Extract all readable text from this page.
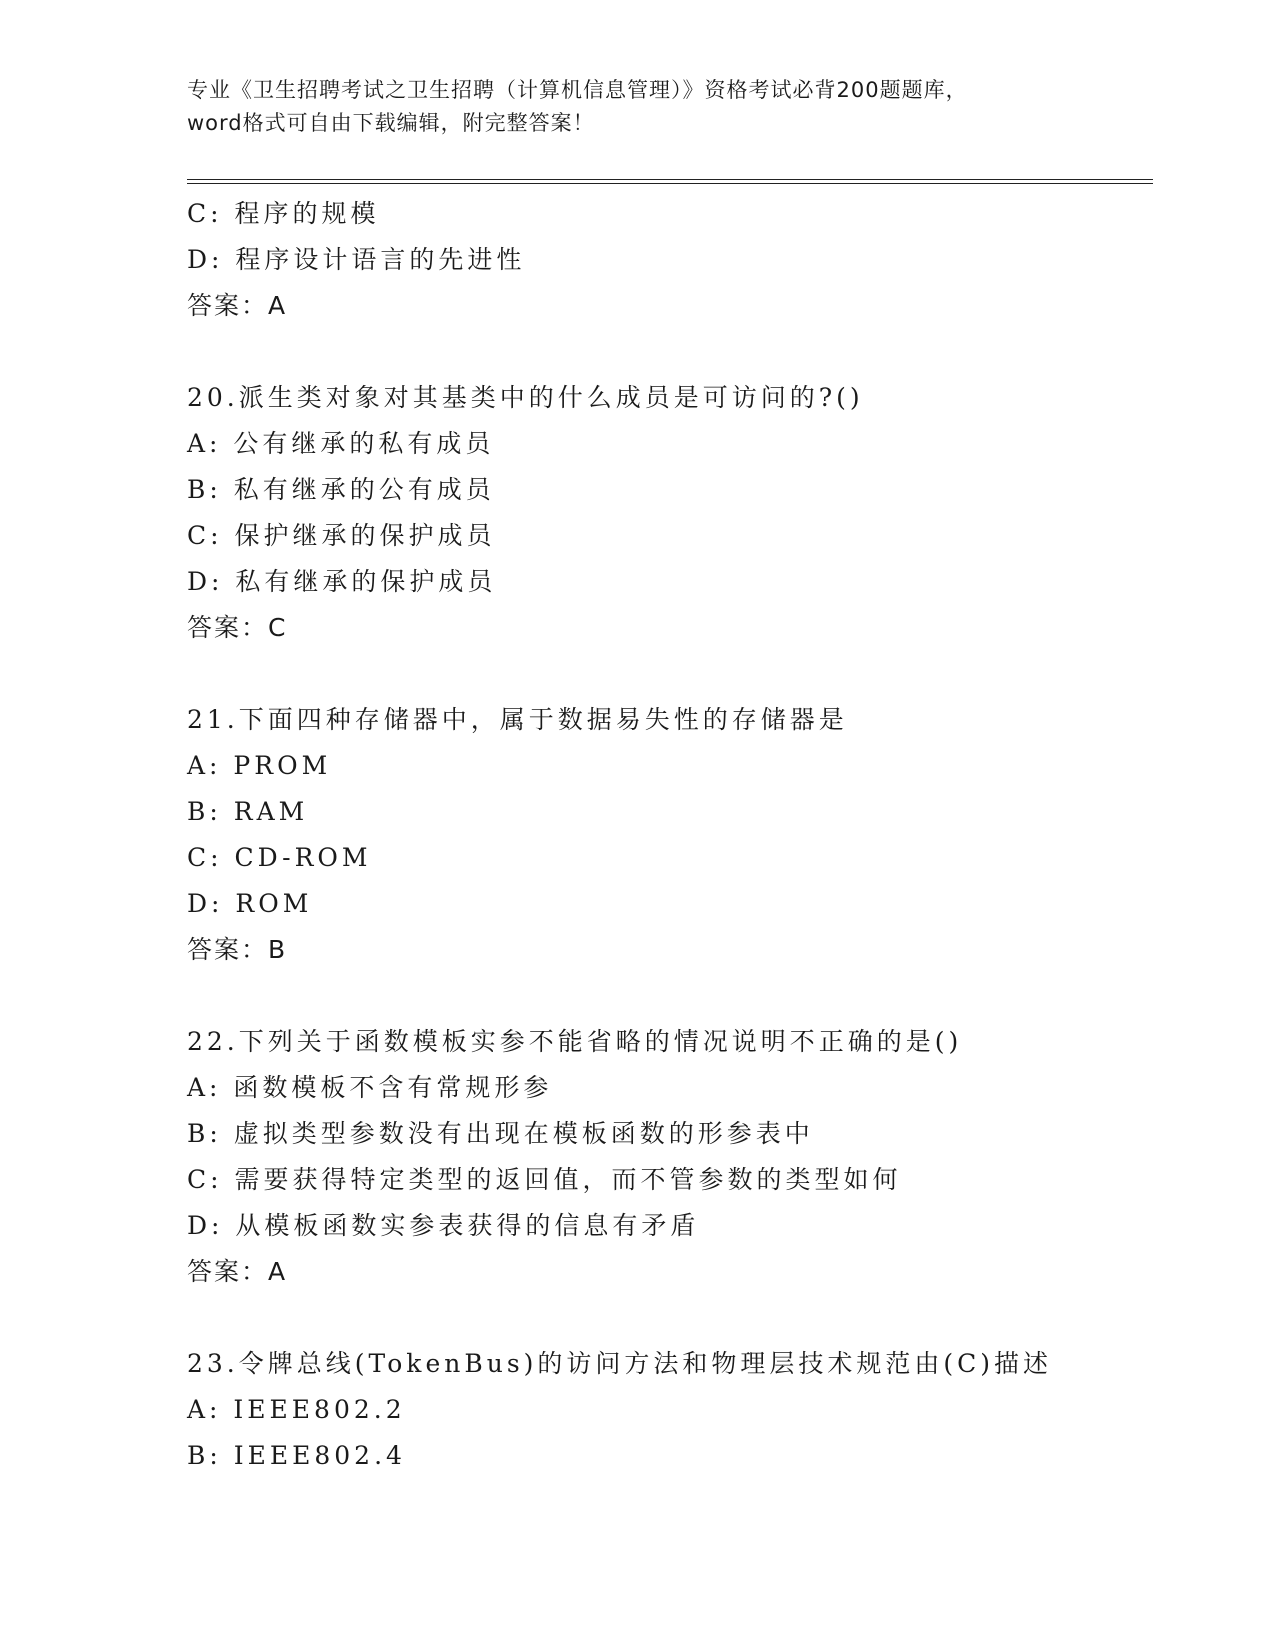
专业《卫生招聘考试之卫生招聘（计算机信息管理）》资格考试必背200题题库，
word格式可自由下载编辑，附完整答案！
C: 程序的规模
D: 程序设计语言的先进性
答案：A
20.派生类对象对其基类中的什么成员是可访问的?()
A: 公有继承的私有成员
B: 私有继承的公有成员
C: 保护继承的保护成员
D: 私有继承的保护成员
答案：C
21.下面四种存储器中，属于数据易失性的存储器是
A: PROM
B: RAM
C: CD-ROM
D: ROM
答案：B
22.下列关于函数模板实参不能省略的情况说明不正确的是()
A: 函数模板不含有常规形参
B: 虚拟类型参数没有出现在模板函数的形参表中
C: 需要获得特定类型的返回值，而不管参数的类型如何
D: 从模板函数实参表获得的信息有矛盾
答案：A
23.令牌总线(TokenBus)的访问方法和物理层技术规范由(C)描述
A: IEEE802.2
B: IEEE802.4
